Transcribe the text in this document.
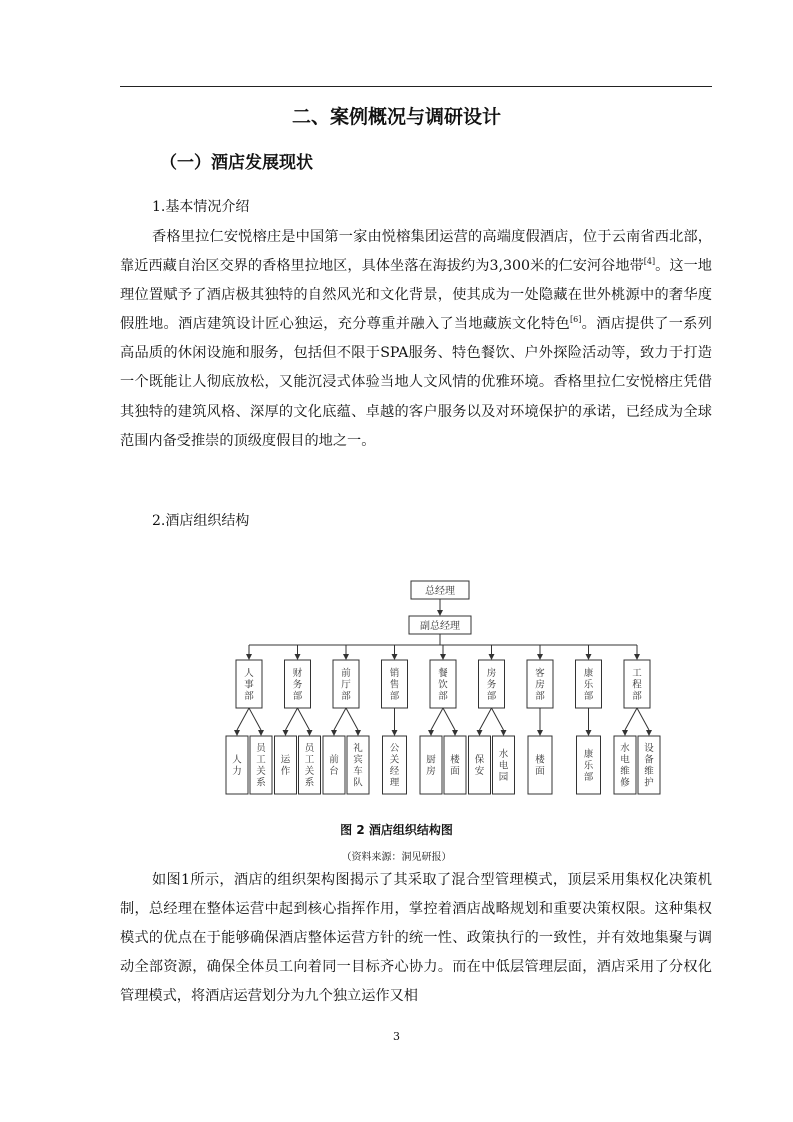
二、案例概况与调研设计
（一）酒店发展现状
1.基本情况介绍

香格里拉仁安悦榕庄是中国第一家由悦榕集团运营的高端度假酒店，位于云南省西北部，靠近西藏自治区交界的香格里拉地区，具体坐落在海拔约为3,300米的仁安河谷地带[4]。这一地理位置赋予了酒店极其独特的自然风光和文化背景，使其成为一处隐藏在世外桃源中的奢华度假胜地。酒店建筑设计匠心独运，充分尊重并融入了当地藏族文化特色[6]。酒店提供了一系列高品质的休闲设施和服务，包括但不限于SPA服务、特色餐饮、户外探险活动等，致力于打造一个既能让人彻底放松，又能沉浸式体验当地人文风情的优雅环境。香格里拉仁安悦榕庄凭借其独特的建筑风格、深厚的文化底蕴、卓越的客户服务以及对环境保护的承诺，已经成为全球范围内备受推崇的顶级度假目的地之一。

2.酒店组织结构
总经理
副总经理
人
事
部
人
力
员
工
关
系
财
务
部
运
作
员
工
关
系
前
厅
部
前
台
礼
宾
车
队
销
售
部
公
关
经
理
餐
饮
部
厨
房
楼
面
房
务
部
保
安
水
电
园
客
房
部
楼
面
康
乐
部
康
乐
部
工
程
部
水
电
维
修
设
备
维
护
图 2 酒店组织结构图
（资料来源：洞见研报）

如图1所示，酒店的组织架构图揭示了其采取了混合型管理模式，顶层采用集权化决策机制，总经理在整体运营中起到核心指挥作用，掌控着酒店战略规划和重要决策权限。这种集权模式的优点在于能够确保酒店整体运营方针的统一性、政策执行的一致性，并有效地集聚与调动全部资源，确保全体员工向着同一目标齐心协力。而在中低层管理层面，酒店采用了分权化管理模式，将酒店运营划分为九个独立运作又相

3
